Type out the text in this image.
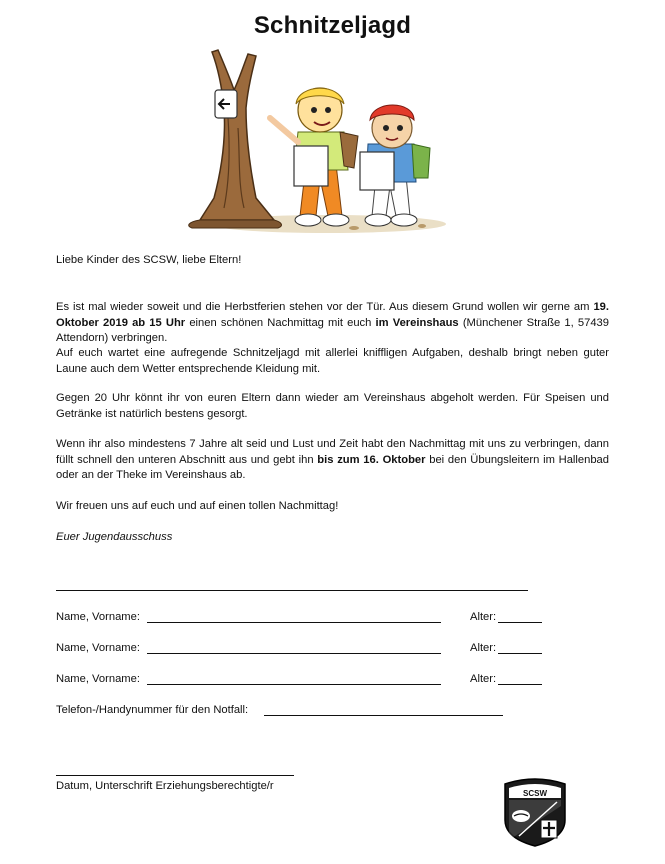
Schnitzeljagd
Liebe Kinder des SCSW, liebe Eltern!
Es ist mal wieder soweit und die Herbstferien stehen vor der Tür. Aus diesem Grund wollen wir gerne am 19. Oktober 2019 ab 15 Uhr einen schönen Nachmittag mit euch im Vereinshaus (Münchener Straße 1, 57439 Attendorn) verbringen.
Auf euch wartet eine aufregende Schnitzeljagd mit allerlei kniffligen Aufgaben, deshalb bringt neben guter Laune auch dem Wetter entsprechende Kleidung mit.
Gegen 20 Uhr könnt ihr von euren Eltern dann wieder am Vereinshaus abgeholt werden. Für Speisen und Getränke ist natürlich bestens gesorgt.
Wenn ihr also mindestens 7 Jahre alt seid und Lust und Zeit habt den Nachmittag mit uns zu verbringen, dann füllt schnell den unteren Abschnitt aus und gebt ihn bis zum 16. Oktober bei den Übungsleitern im Hallenbad oder an der Theke im Vereinshaus ab.
Wir freuen uns auf euch und auf einen tollen Nachmittag!
Euer Jugendausschuss
Name, Vorname:	Alter:
Name, Vorname:	Alter:
Name, Vorname:	Alter:
Telefon-/Handynummer für den Notfall:
Datum, Unterschrift Erziehungsberechtigte/r
SCSW
